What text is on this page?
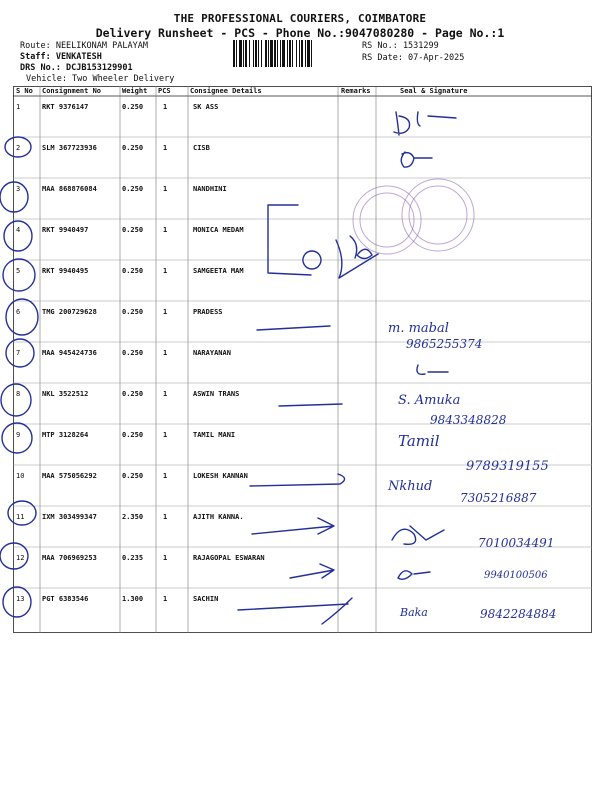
THE PROFESSIONAL COURIERS, COIMBATORE
Delivery Runsheet - PCS - Phone No.:9047080280 - Page No.:1
Route: NEELIKONAM PALAYAM
Staff: VENKATESH
DRS No.: DCJB153129901
Vehicle: Two Wheeler Delivery
RS No.: 1531299
RS Date: 07-Apr-2025
S No Consignment No	Weight PCS	Consignee Details	Remarks	Seal & Signature
1	RKT 9376147	0.250	1	SK ASS
2	SLM 367723936	0.250	1	CISB
3	MAA 868876084	0.250	1	NANDHINI
4	RKT 9940497	0.250	1	MONICA MEDAM
5	RKT 9940495	0.250	1	SAMGEETA MAM
6	TMG 200729628	0.250	1	PRADESS
7	MAA 945424736	0.250	1	NARAYANAN
8	NKL 3522512	0.250	1	ASWIN TRANS
9	MTP 3128264	0.250	1	TAMIL MANI
10	MAA 575056292	0.250	1	LOKESH KANNAN
11	IXM 303499347	2.350	1	AJITH KANNA.
12	MAA 706969253	0.235	1	RAJAGOPAL ESWARAN
13	PGT 6383546	1.300	1	SACHIN
m. mabal
9865255374
S. Amuka
9843348828
Tamil
9789319155
Nkhud
7305216887
7010034491
9940100506
Baka	9842284884
